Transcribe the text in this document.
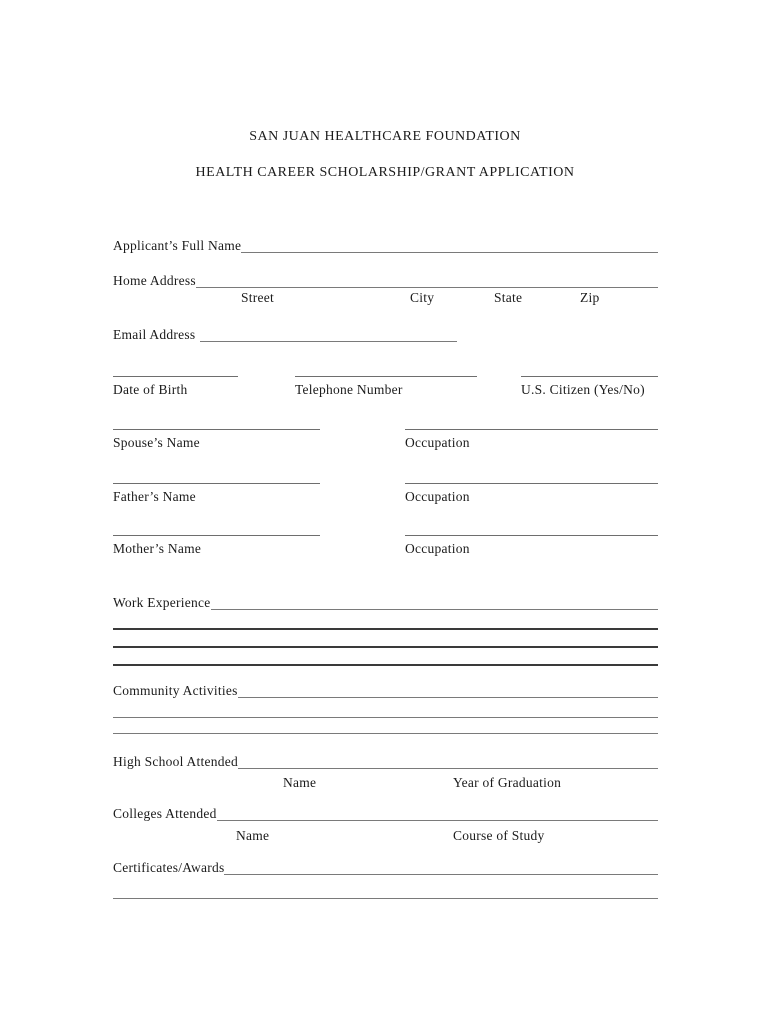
SAN JUAN HEALTHCARE FOUNDATION
HEALTH CAREER SCHOLARSHIP/GRANT APPLICATION
Applicant’s Full Name
Home Address
Street	City	State	Zip
Email Address
Date of Birth	Telephone Number	U.S. Citizen (Yes/No)
Spouse’s Name	Occupation
Father’s Name	Occupation
Mother’s Name	Occupation
Work Experience
Community Activities
High School Attended
Name	Year of Graduation
Colleges Attended
Name	Course of Study
Certificates/Awards
